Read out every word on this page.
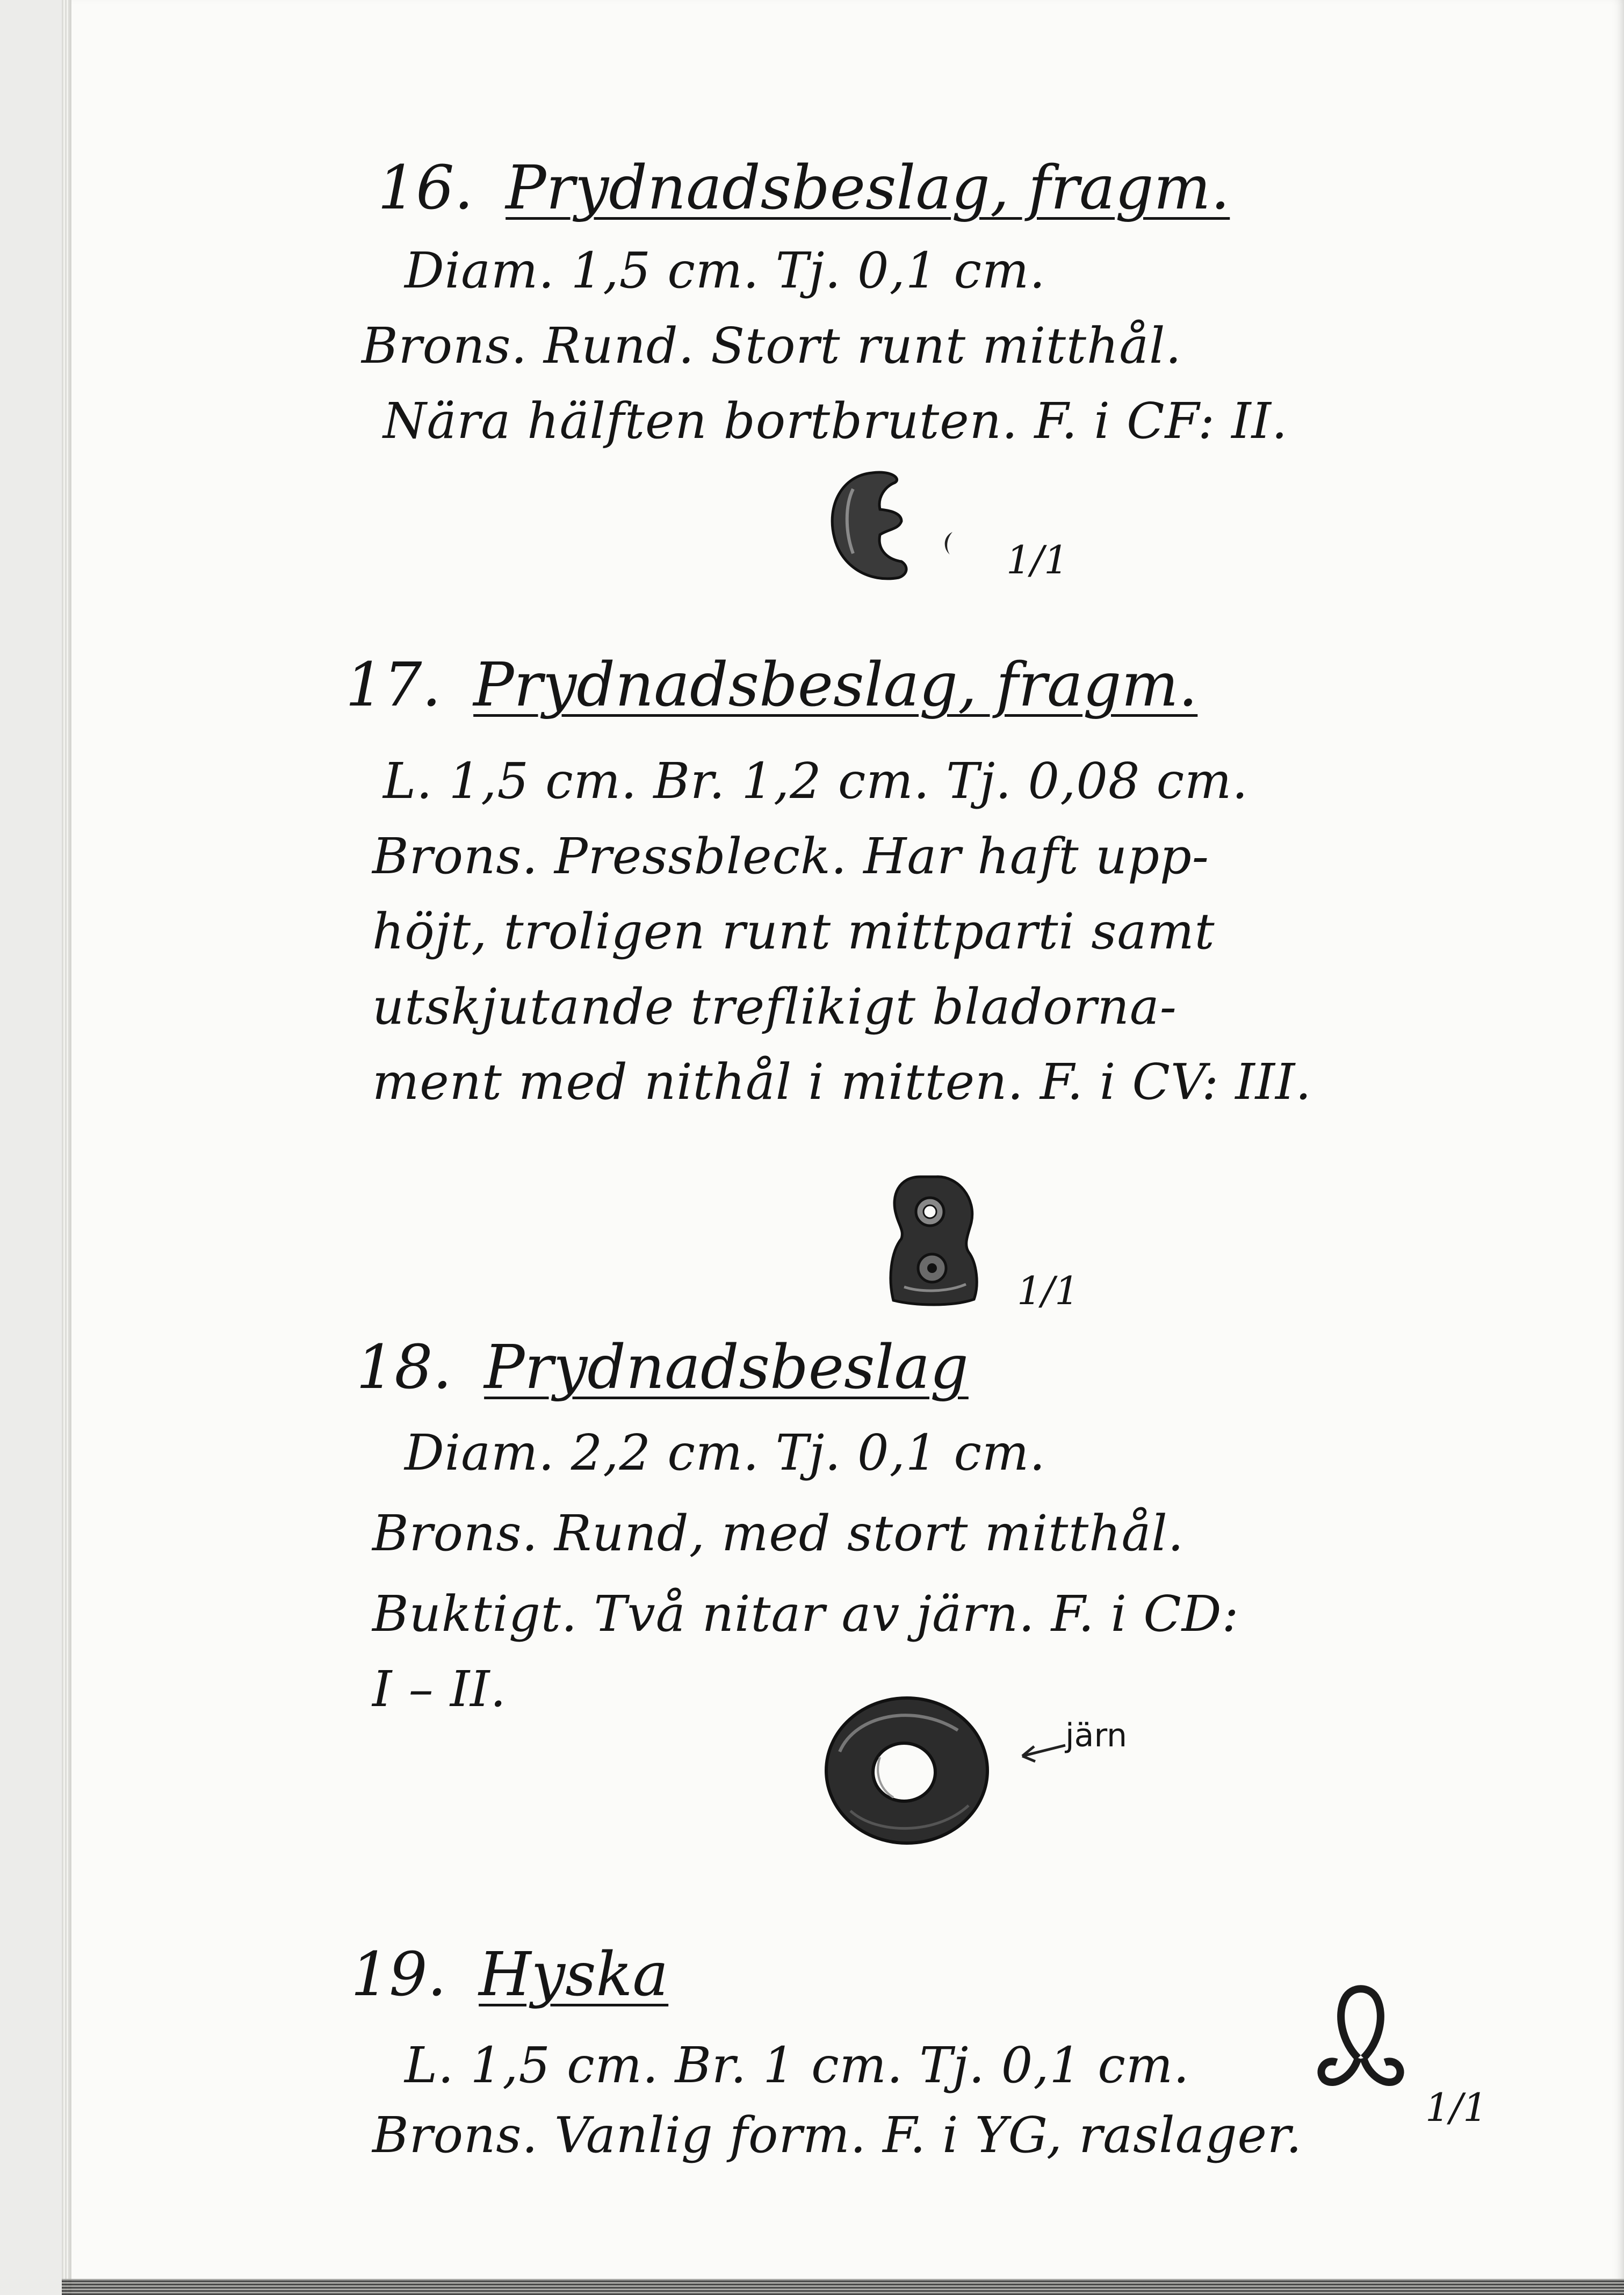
16. Prydnadsbeslag, fragm.
Diam. 1,5 cm. Tj. 0,1 cm.
Brons. Rund. Stort runt mitthål.
Nära hälften bortbruten. F. i CF: II.
1/1
17. Prydnadsbeslag, fragm.
L. 1,5 cm. Br. 1,2 cm. Tj. 0,08 cm.
Brons. Pressbleck. Har haft upp-
höjt, troligen runt mittparti samt
utskjutande treflikigt bladorna-
ment med nithål i mitten. F. i CV: III.
1/1
18. Prydnadsbeslag
Diam. 2,2 cm. Tj. 0,1 cm.
Brons. Rund, med stort mitthål.
Buktigt. Två nitar av järn. F. i CD:
I – II.
järn
19. Hyska
L. 1,5 cm. Br. 1 cm. Tj. 0,1 cm.
Brons. Vanlig form. F. i YG, raslager.	1/1
